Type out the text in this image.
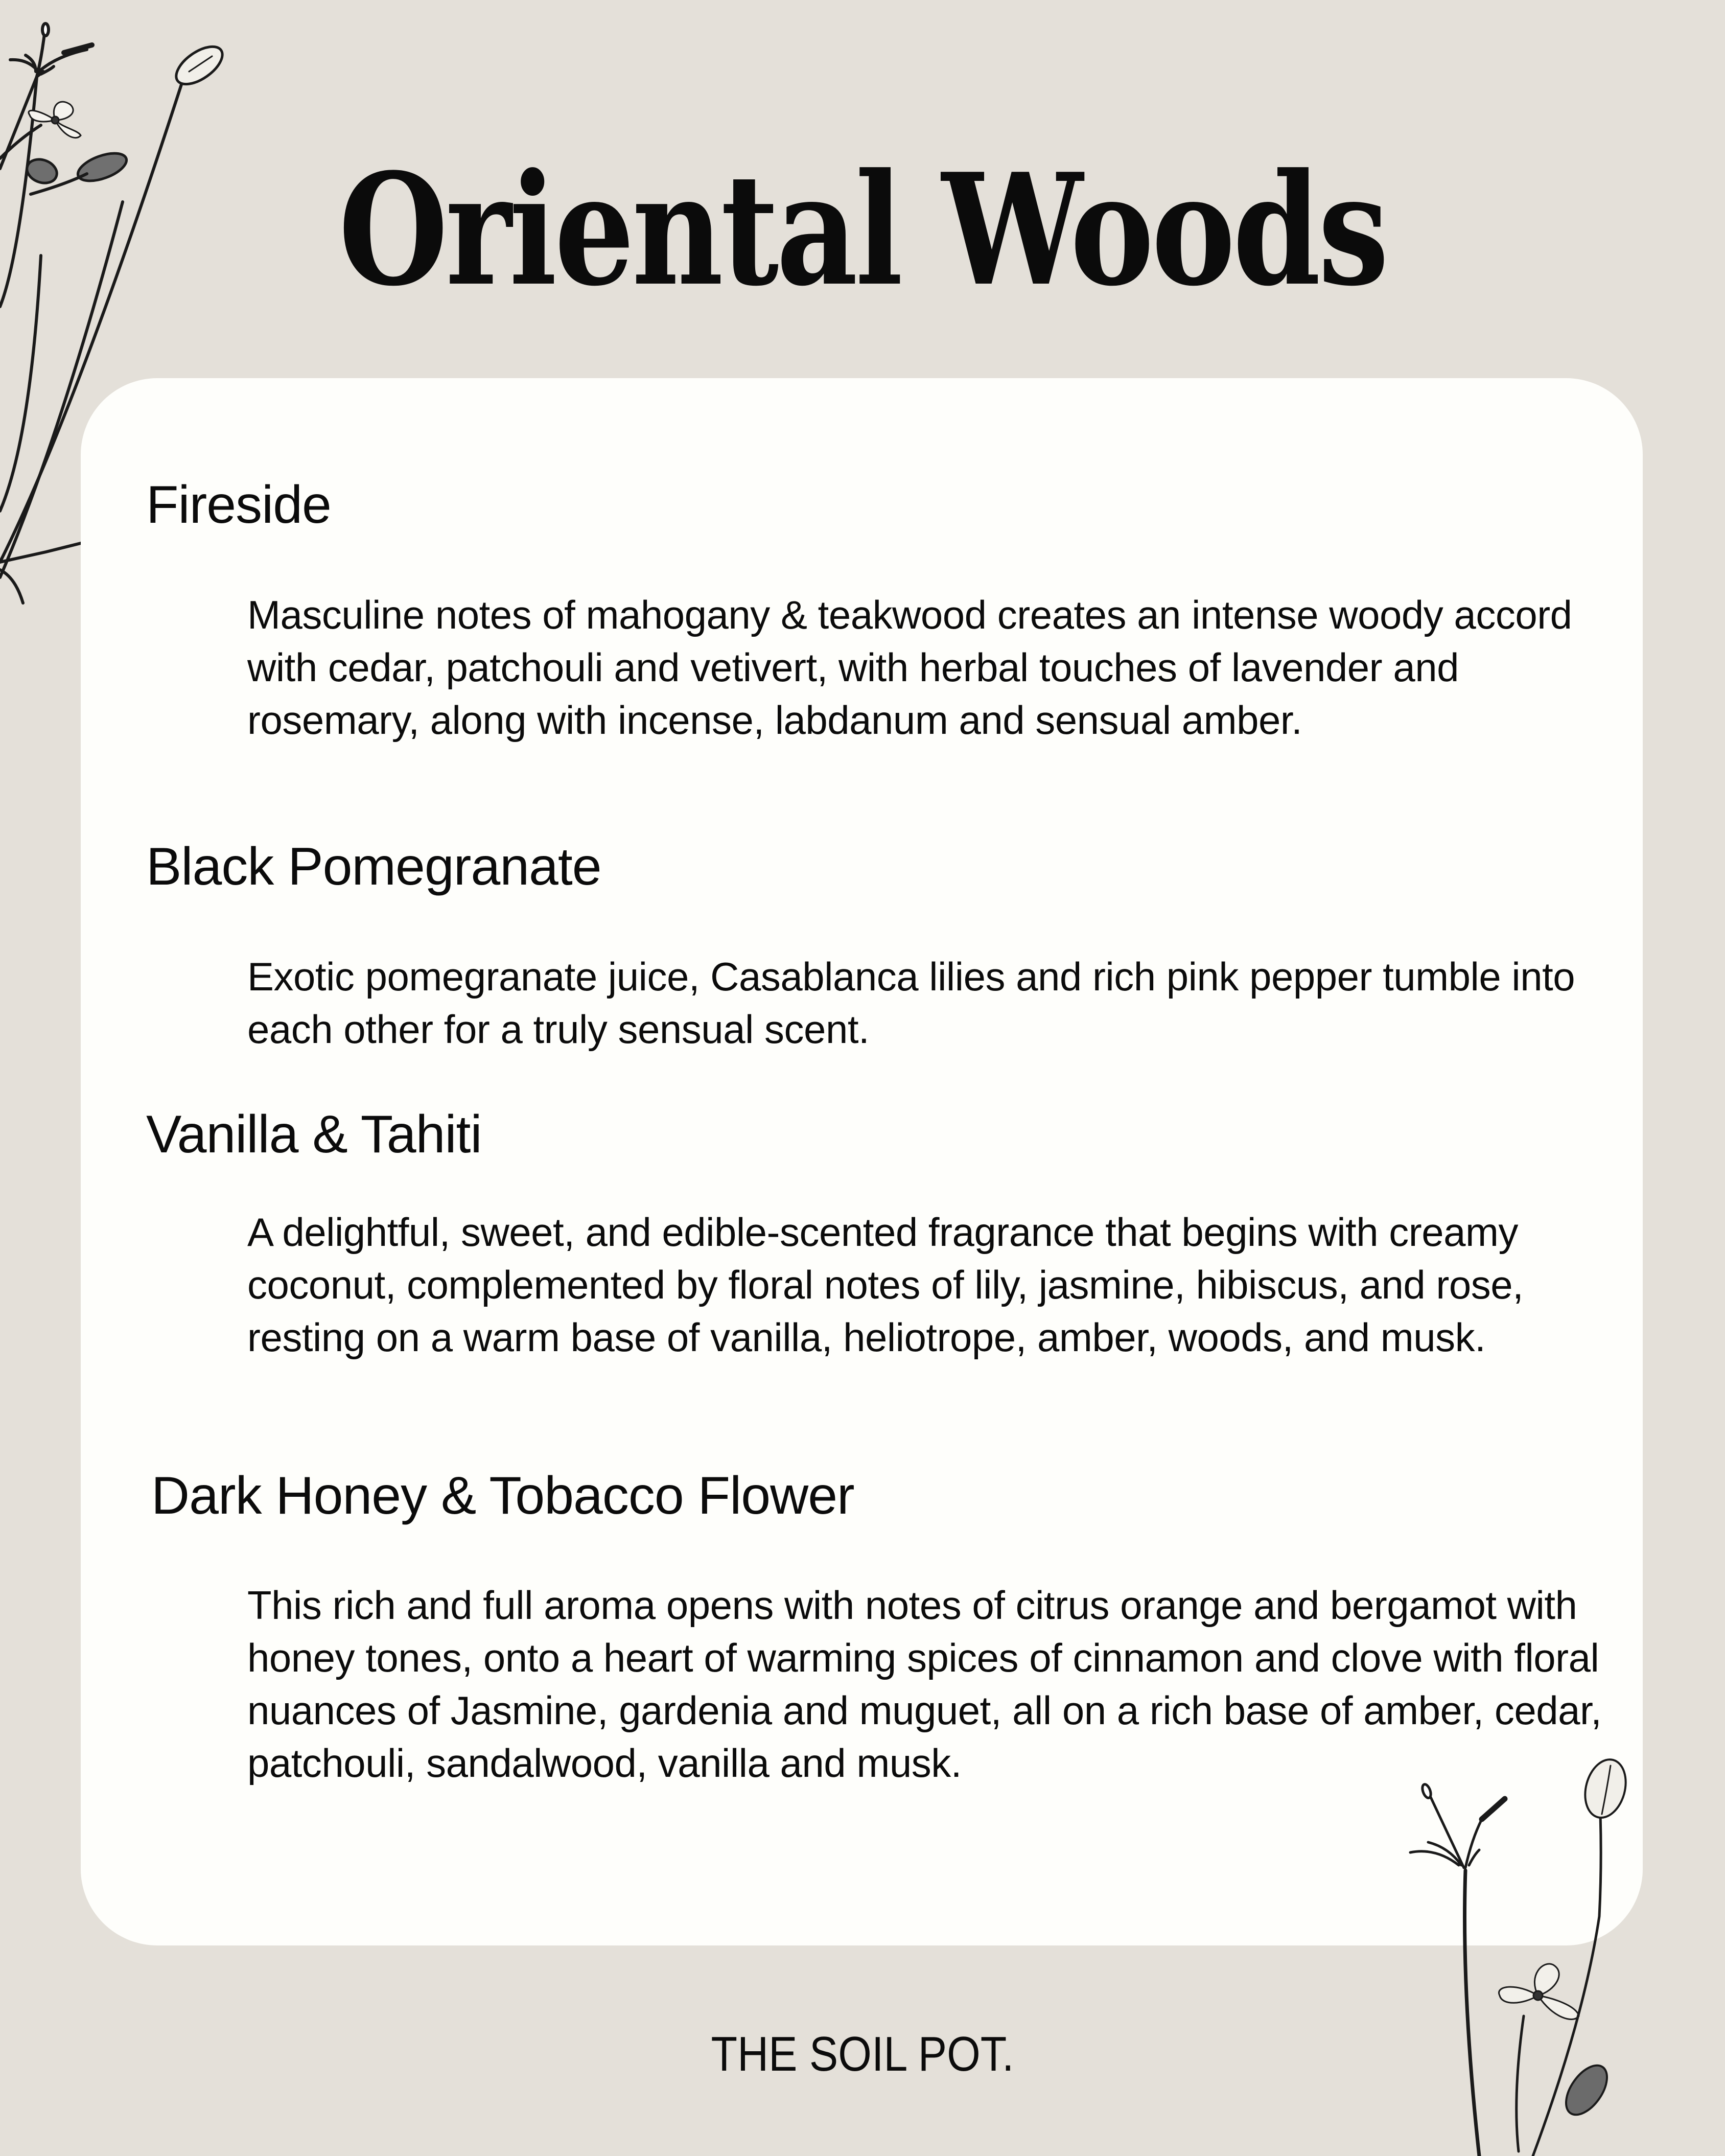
Oriental Woods
Fireside

Masculine notes of mahogany & teakwood creates an intense woody accord with cedar, patchouli and vetivert, with herbal touches of lavender and rosemary, along with incense, labdanum and sensual amber.

Black Pomegranate

Exotic pomegranate juice, Casablanca lilies and rich pink pepper tumble into each other for a truly sensual scent.

Vanilla & Tahiti

A delightful, sweet, and edible-scented fragrance that begins with creamy coconut, complemented by floral notes of lily, jasmine, hibiscus, and rose, resting on a warm base of vanilla, heliotrope, amber, woods, and musk.

Dark Honey & Tobacco Flower

This rich and full aroma opens with notes of citrus orange and bergamot with honey tones, onto a heart of warming spices of cinnamon and clove with floral nuances of Jasmine, gardenia and muguet, all on a rich base of amber, cedar, patchouli, sandalwood, vanilla and musk.

THE SOIL POT.
